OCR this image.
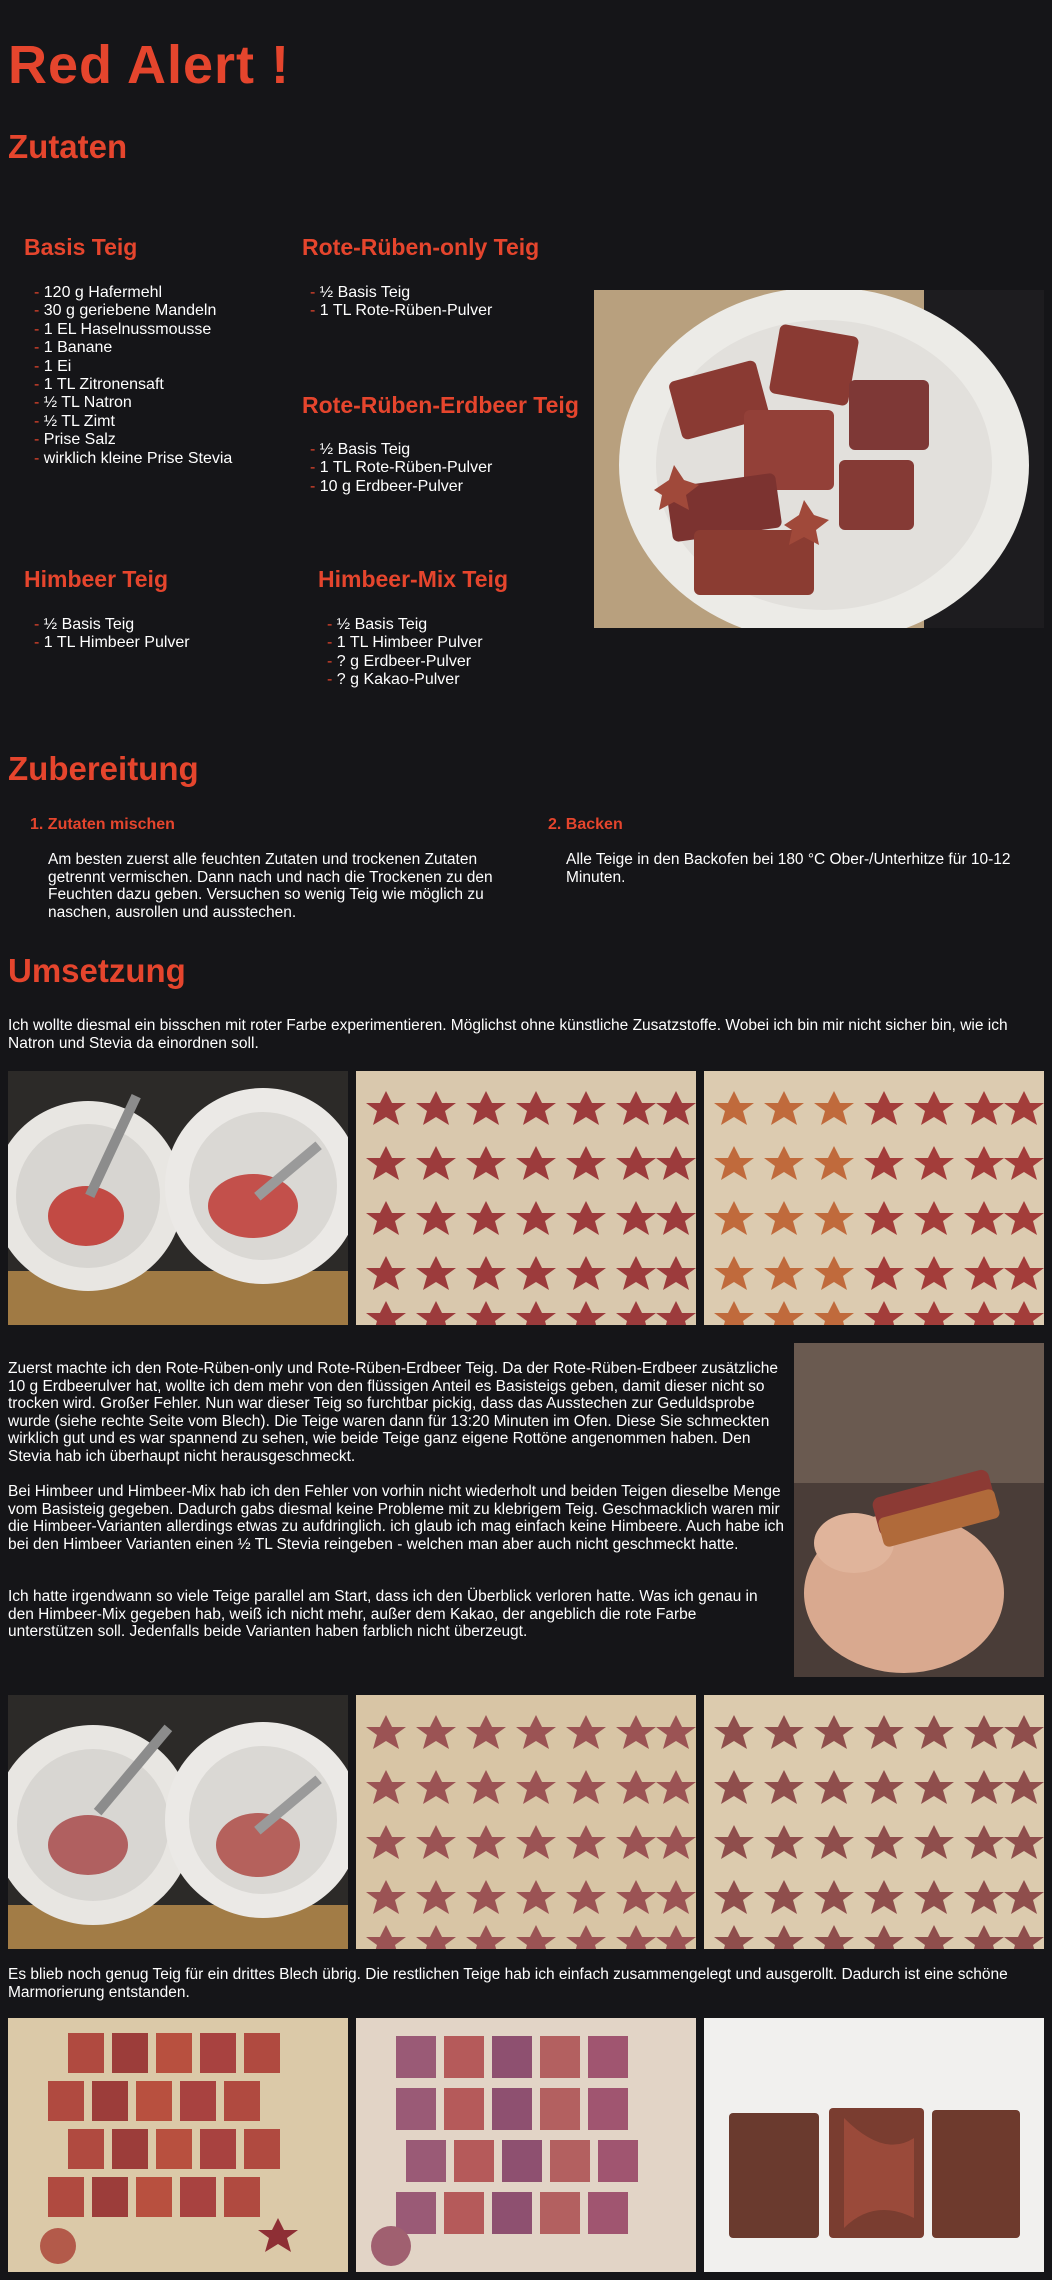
Red Alert !
Zutaten
Basis Teig
- 120 g Hafermehl
- 30 g geriebene Mandeln
- 1 EL Haselnussmousse
- 1 Banane
- 1 Ei
- 1 TL Zitronensaft
- ½ TL Natron
- ½ TL Zimt
- Prise Salz
- wirklich kleine Prise Stevia
Rote-Rüben-only Teig
- ½ Basis Teig
- 1 TL Rote-Rüben-Pulver
Rote-Rüben-Erdbeer Teig
- ½ Basis Teig
- 1 TL Rote-Rüben-Pulver
- 10 g Erdbeer-Pulver
Himbeer Teig
- ½ Basis Teig
- 1 TL Himbeer Pulver
Himbeer-Mix Teig
- ½ Basis Teig
- 1 TL Himbeer Pulver
- ? g Erdbeer-Pulver
- ? g Kakao-Pulver
Zubereitung
1. Zutaten mischen

Am besten zuerst alle feuchten Zutaten und trockenen Zutaten getrennt vermischen. Dann nach und nach die Trockenen zu den Feuchten dazu geben. Versuchen so wenig Teig wie möglich zu naschen, ausrollen und ausstechen.

2. Backen

Alle Teige in den Backofen bei 180 °C Ober-/Unterhitze für 10-12 Minuten.

Umsetzung

Ich wollte diesmal ein bisschen mit roter Farbe experimentieren. Möglichst ohne künstliche Zusatzstoffe. Wobei ich bin mir nicht sicher bin, wie ich Natron und Stevia da einordnen soll.

Zuerst machte ich den Rote-Rüben-only und Rote-Rüben-Erdbeer Teig. Da der Rote-Rüben-Erdbeer zusätzliche 10 g Erdbeerulver hat, wollte ich dem mehr von den flüssigen Anteil es Basisteigs geben, damit dieser nicht so trocken wird. Großer Fehler. Nun war dieser Teig so furchtbar pickig, dass das Ausstechen zur Geduldsprobe wurde (siehe rechte Seite vom Blech). Die Teige waren dann für 13:20 Minuten im Ofen. Diese Sie schmeckten wirklich gut und es war spannend zu sehen, wie beide Teige ganz eigene Rottöne angenommen haben. Den Stevia hab ich überhaupt nicht herausgeschmeckt.

Bei Himbeer und Himbeer-Mix hab ich den Fehler von vorhin nicht wiederholt und beiden Teigen dieselbe Menge vom Basisteig gegeben. Dadurch gabs diesmal keine Probleme mit zu klebrigem Teig. Geschmacklich waren mir die Himbeer-Varianten allerdings etwas zu aufdringlich. ich glaub ich mag einfach keine Himbeere. Auch habe ich bei den Himbeer Varianten einen ½ TL Stevia reingeben - welchen man aber auch nicht geschmeckt hatte.

Ich hatte irgendwann so viele Teige parallel am Start, dass ich den Überblick verloren hatte. Was ich genau in den Himbeer-Mix gegeben hab, weiß ich nicht mehr, außer dem Kakao, der angeblich die rote Farbe unterstützen soll. Jedenfalls beide Varianten haben farblich nicht überzeugt.

Es blieb noch genug Teig für ein drittes Blech übrig. Die restlichen Teige hab ich einfach zusammengelegt und ausgerollt. Dadurch ist eine schöne Marmorierung entstanden.
